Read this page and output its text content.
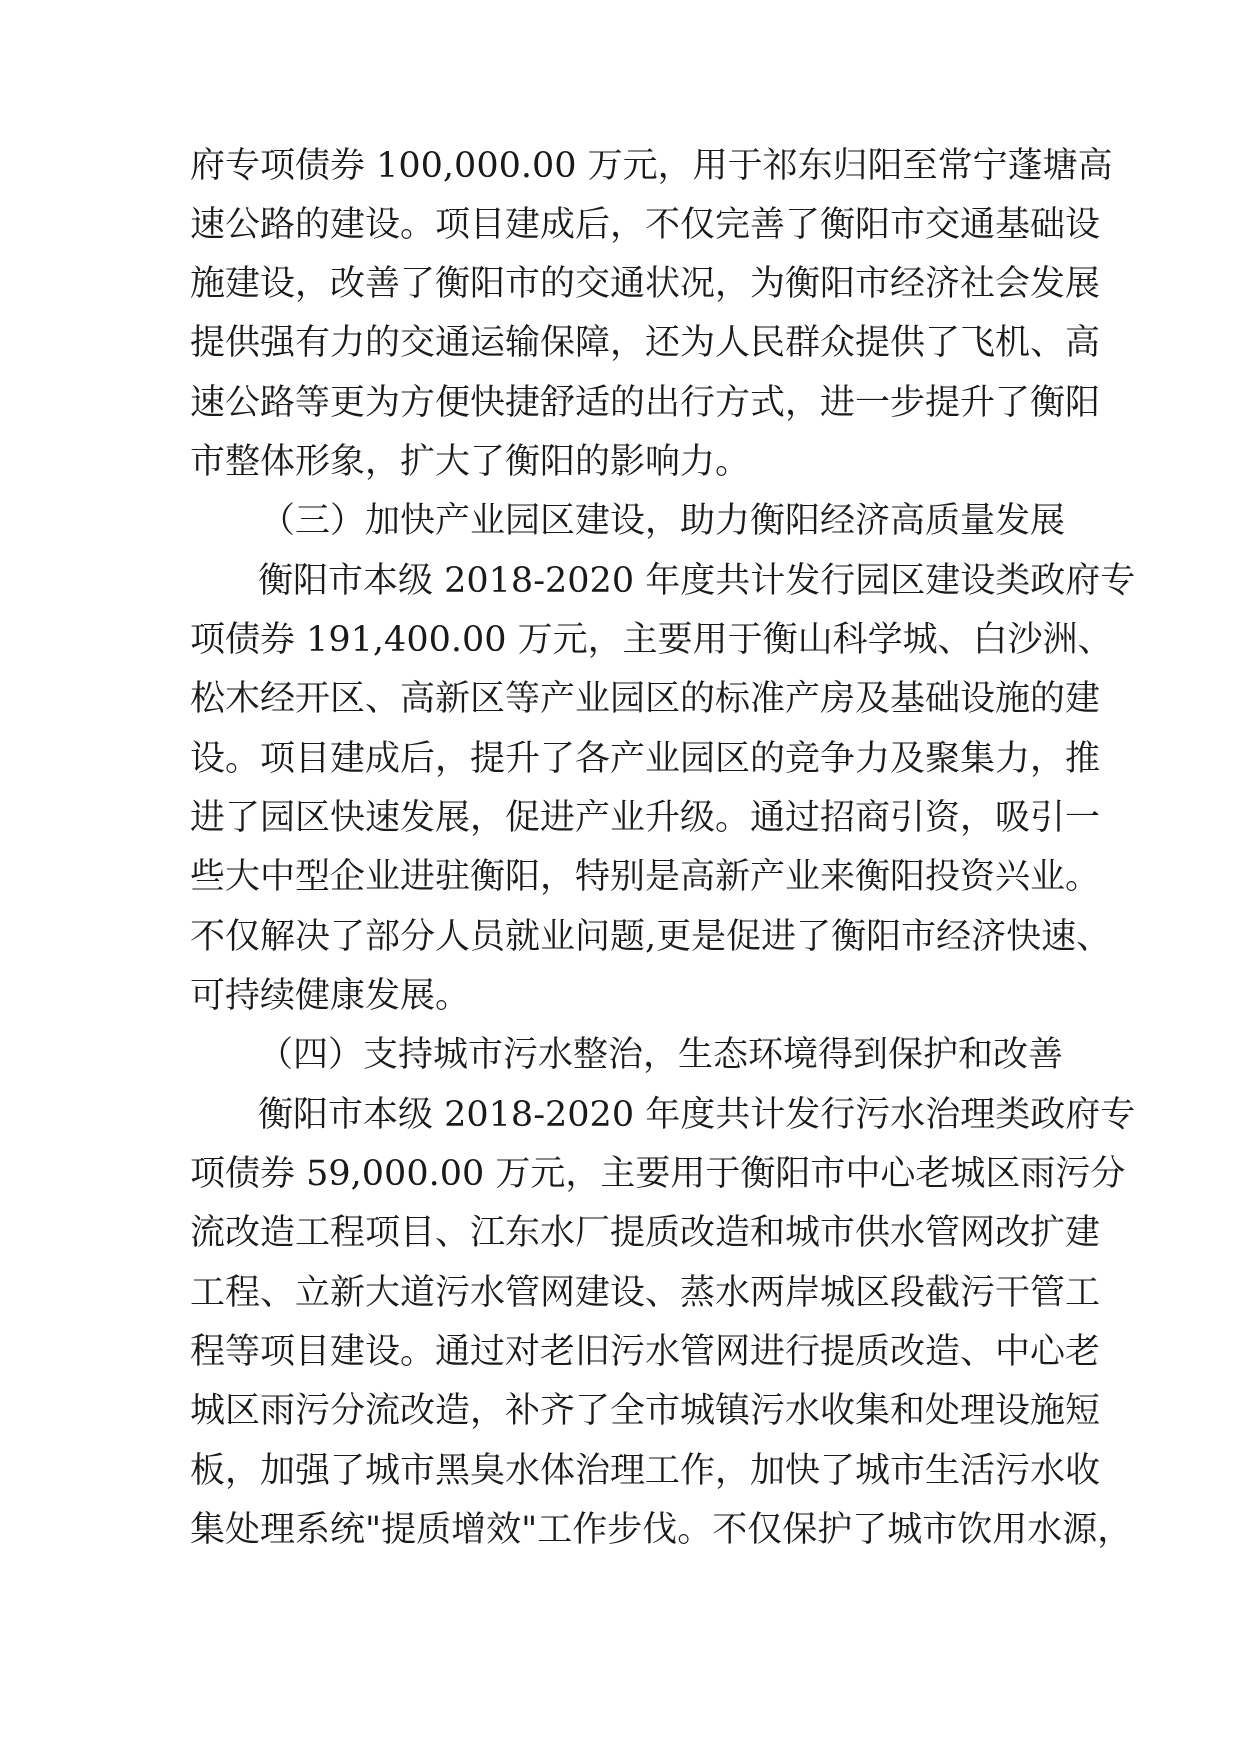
府专项债券 100,000.00 万元，用于祁东归阳至常宁蓬塘高
速公路的建设。项目建成后，不仅完善了衡阳市交通基础设
施建设，改善了衡阳市的交通状况，为衡阳市经济社会发展
提供强有力的交通运输保障，还为人民群众提供了飞机、高
速公路等更为方便快捷舒适的出行方式，进一步提升了衡阳
市整体形象，扩大了衡阳的影响力。
（三）加快产业园区建设，助力衡阳经济高质量发展
衡阳市本级 2018-2020 年度共计发行园区建设类政府专
项债券 191,400.00 万元，主要用于衡山科学城、白沙洲、
松木经开区、高新区等产业园区的标准产房及基础设施的建
设。项目建成后，提升了各产业园区的竞争力及聚集力，推
进了园区快速发展，促进产业升级。通过招商引资，吸引一
些大中型企业进驻衡阳，特别是高新产业来衡阳投资兴业。
不仅解决了部分人员就业问题,更是促进了衡阳市经济快速、
可持续健康发展。
（四）支持城市污水整治，生态环境得到保护和改善
衡阳市本级 2018-2020 年度共计发行污水治理类政府专
项债券 59,000.00 万元，主要用于衡阳市中心老城区雨污分
流改造工程项目、江东水厂提质改造和城市供水管网改扩建
工程、立新大道污水管网建设、蒸水两岸城区段截污干管工
程等项目建设。通过对老旧污水管网进行提质改造、中心老
城区雨污分流改造，补齐了全市城镇污水收集和处理设施短
板，加强了城市黑臭水体治理工作，加快了城市生活污水收
集处理系统"提质增效"工作步伐。不仅保护了城市饮用水源，
